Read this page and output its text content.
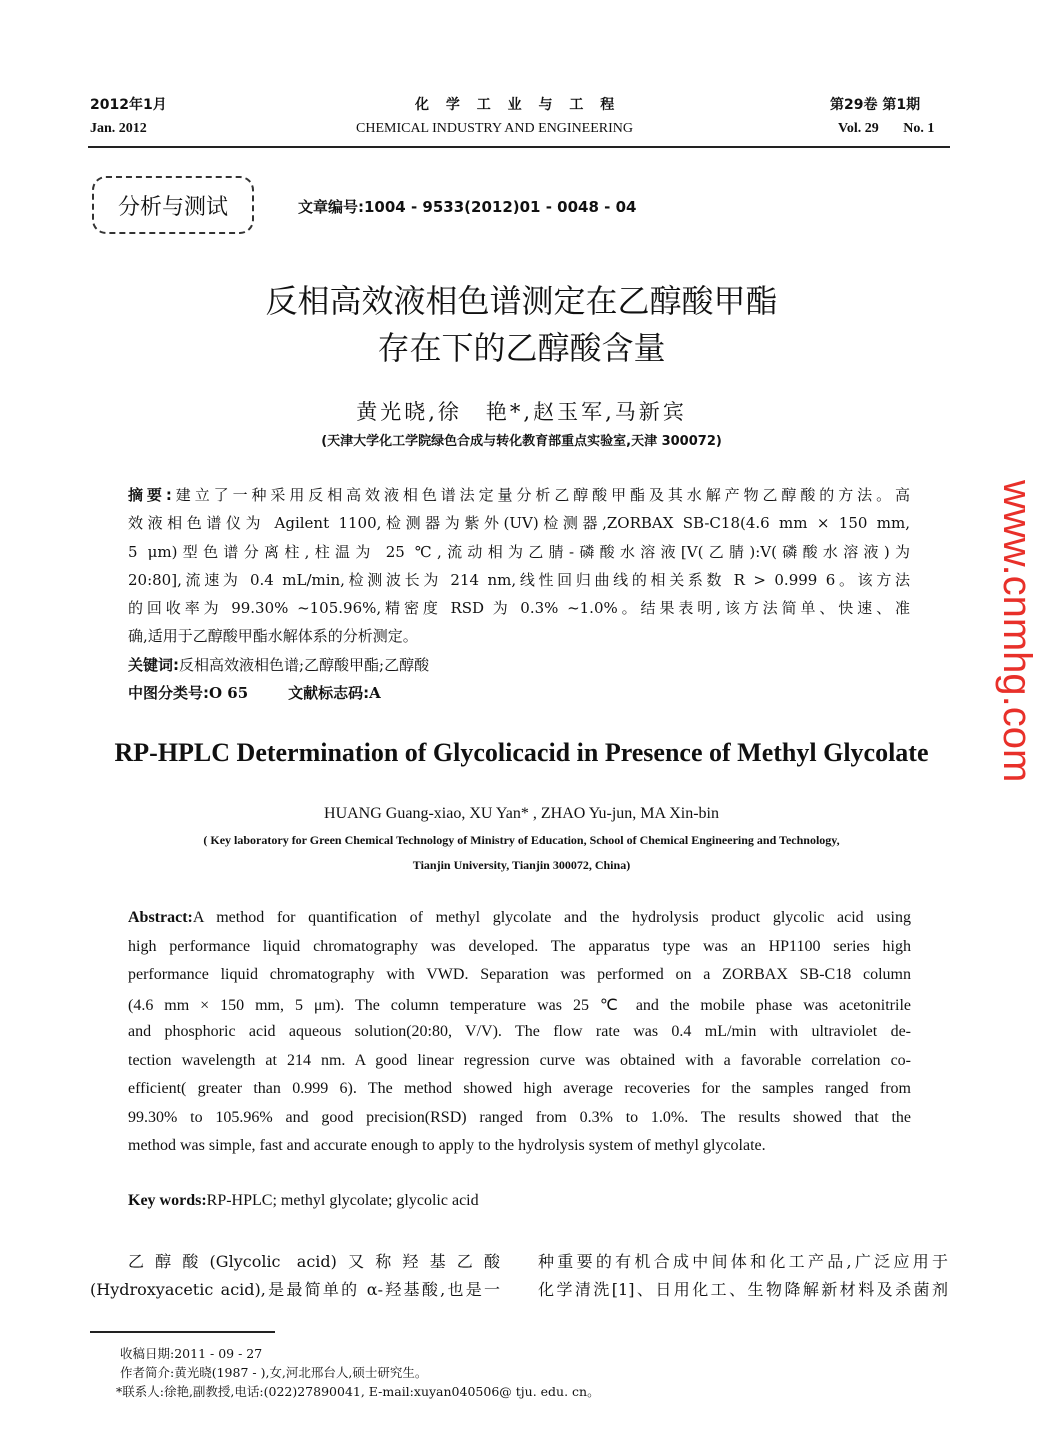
2012年1月
Jan. 2012
化 学 工 业 与 工 程
CHEMICAL INDUSTRY AND ENGINEERING
第29卷 第1期
Vol. 29       No. 1
分析与测试	文章编号:1004 - 9533(2012)01 - 0048 - 04
反相高效液相色谱测定在乙醇酸甲酯
存在下的乙醇酸含量
黄光晓,徐　艳*,赵玉军,马新宾
(天津大学化工学院绿色合成与转化教育部重点实验室,天津 300072)
摘要:建立了一种采用反相高效液相色谱法定量分析乙醇酸甲酯及其水解产物乙醇酸的方法。高
效液相色谱仪为 Agilent 1100,检测器为紫外(UV)检测器,ZORBAX SB-C18(4.6 mm × 150 mm,
5 μm)型色谱分离柱,柱温为 25 ℃,流动相为乙腈-磷酸水溶液[V(乙腈):V(磷酸水溶液)为
20:80],流速为 0.4 mL/min,检测波长为 214 nm,线性回归曲线的相关系数 R > 0.999 6。该方法
的回收率为 99.30% ~105.96%,精密度 RSD 为 0.3% ~1.0%。结果表明,该方法简单、快速、准
确,适用于乙醇酸甲酯水解体系的分析测定。
关键词:反相高效液相色谱;乙醇酸甲酯;乙醇酸
中图分类号:O 65	文献标志码:A
RP-HPLC Determination of Glycolicacid in Presence of Methyl Glycolate
HUANG Guang-xiao, XU Yan* , ZHAO Yu-jun, MA Xin-bin
( Key laboratory for Green Chemical Technology of Ministry of Education, School of Chemical Engineering and Technology,
Tianjin University, Tianjin 300072, China)
Abstract:A method for quantification of methyl glycolate and the hydrolysis product glycolic acid using
high performance liquid chromatography was developed. The apparatus type was an HP1100 series high
performance liquid chromatography with VWD. Separation was performed on a ZORBAX SB-C18 column
(4.6 mm × 150 mm, 5 μm). The column temperature was 25 ℃ and the mobile phase was acetonitrile
and phosphoric acid aqueous solution(20:80, V/V). The flow rate was 0.4 mL/min with ultraviolet de-
tection wavelength at 214 nm. A good linear regression curve was obtained with a favorable correlation co-
efficient( greater than 0.999 6). The method showed high average recoveries for the samples ranged from
99.30% to 105.96% and good precision(RSD) ranged from 0.3% to 1.0%. The results showed that the
method was simple, fast and accurate enough to apply to the hydrolysis system of methyl glycolate.
Key words:RP-HPLC; methyl glycolate; glycolic acid
乙醇酸(Glycolic acid)又称羟基乙酸
(Hydroxyacetic acid),是最简单的 α-羟基酸,也是一
种重要的有机合成中间体和化工产品,广泛应用于
化学清洗[1]、日用化工、生物降解新材料及杀菌剂
收稿日期:2011 - 09 - 27
作者简介:黄光晓(1987 - ),女,河北邢台人,硕士研究生。
*联系人:徐艳,副教授,电话:(022)27890041, E-mail:xuyan040506@ tju. edu. cn。
www.cnmhg.com
